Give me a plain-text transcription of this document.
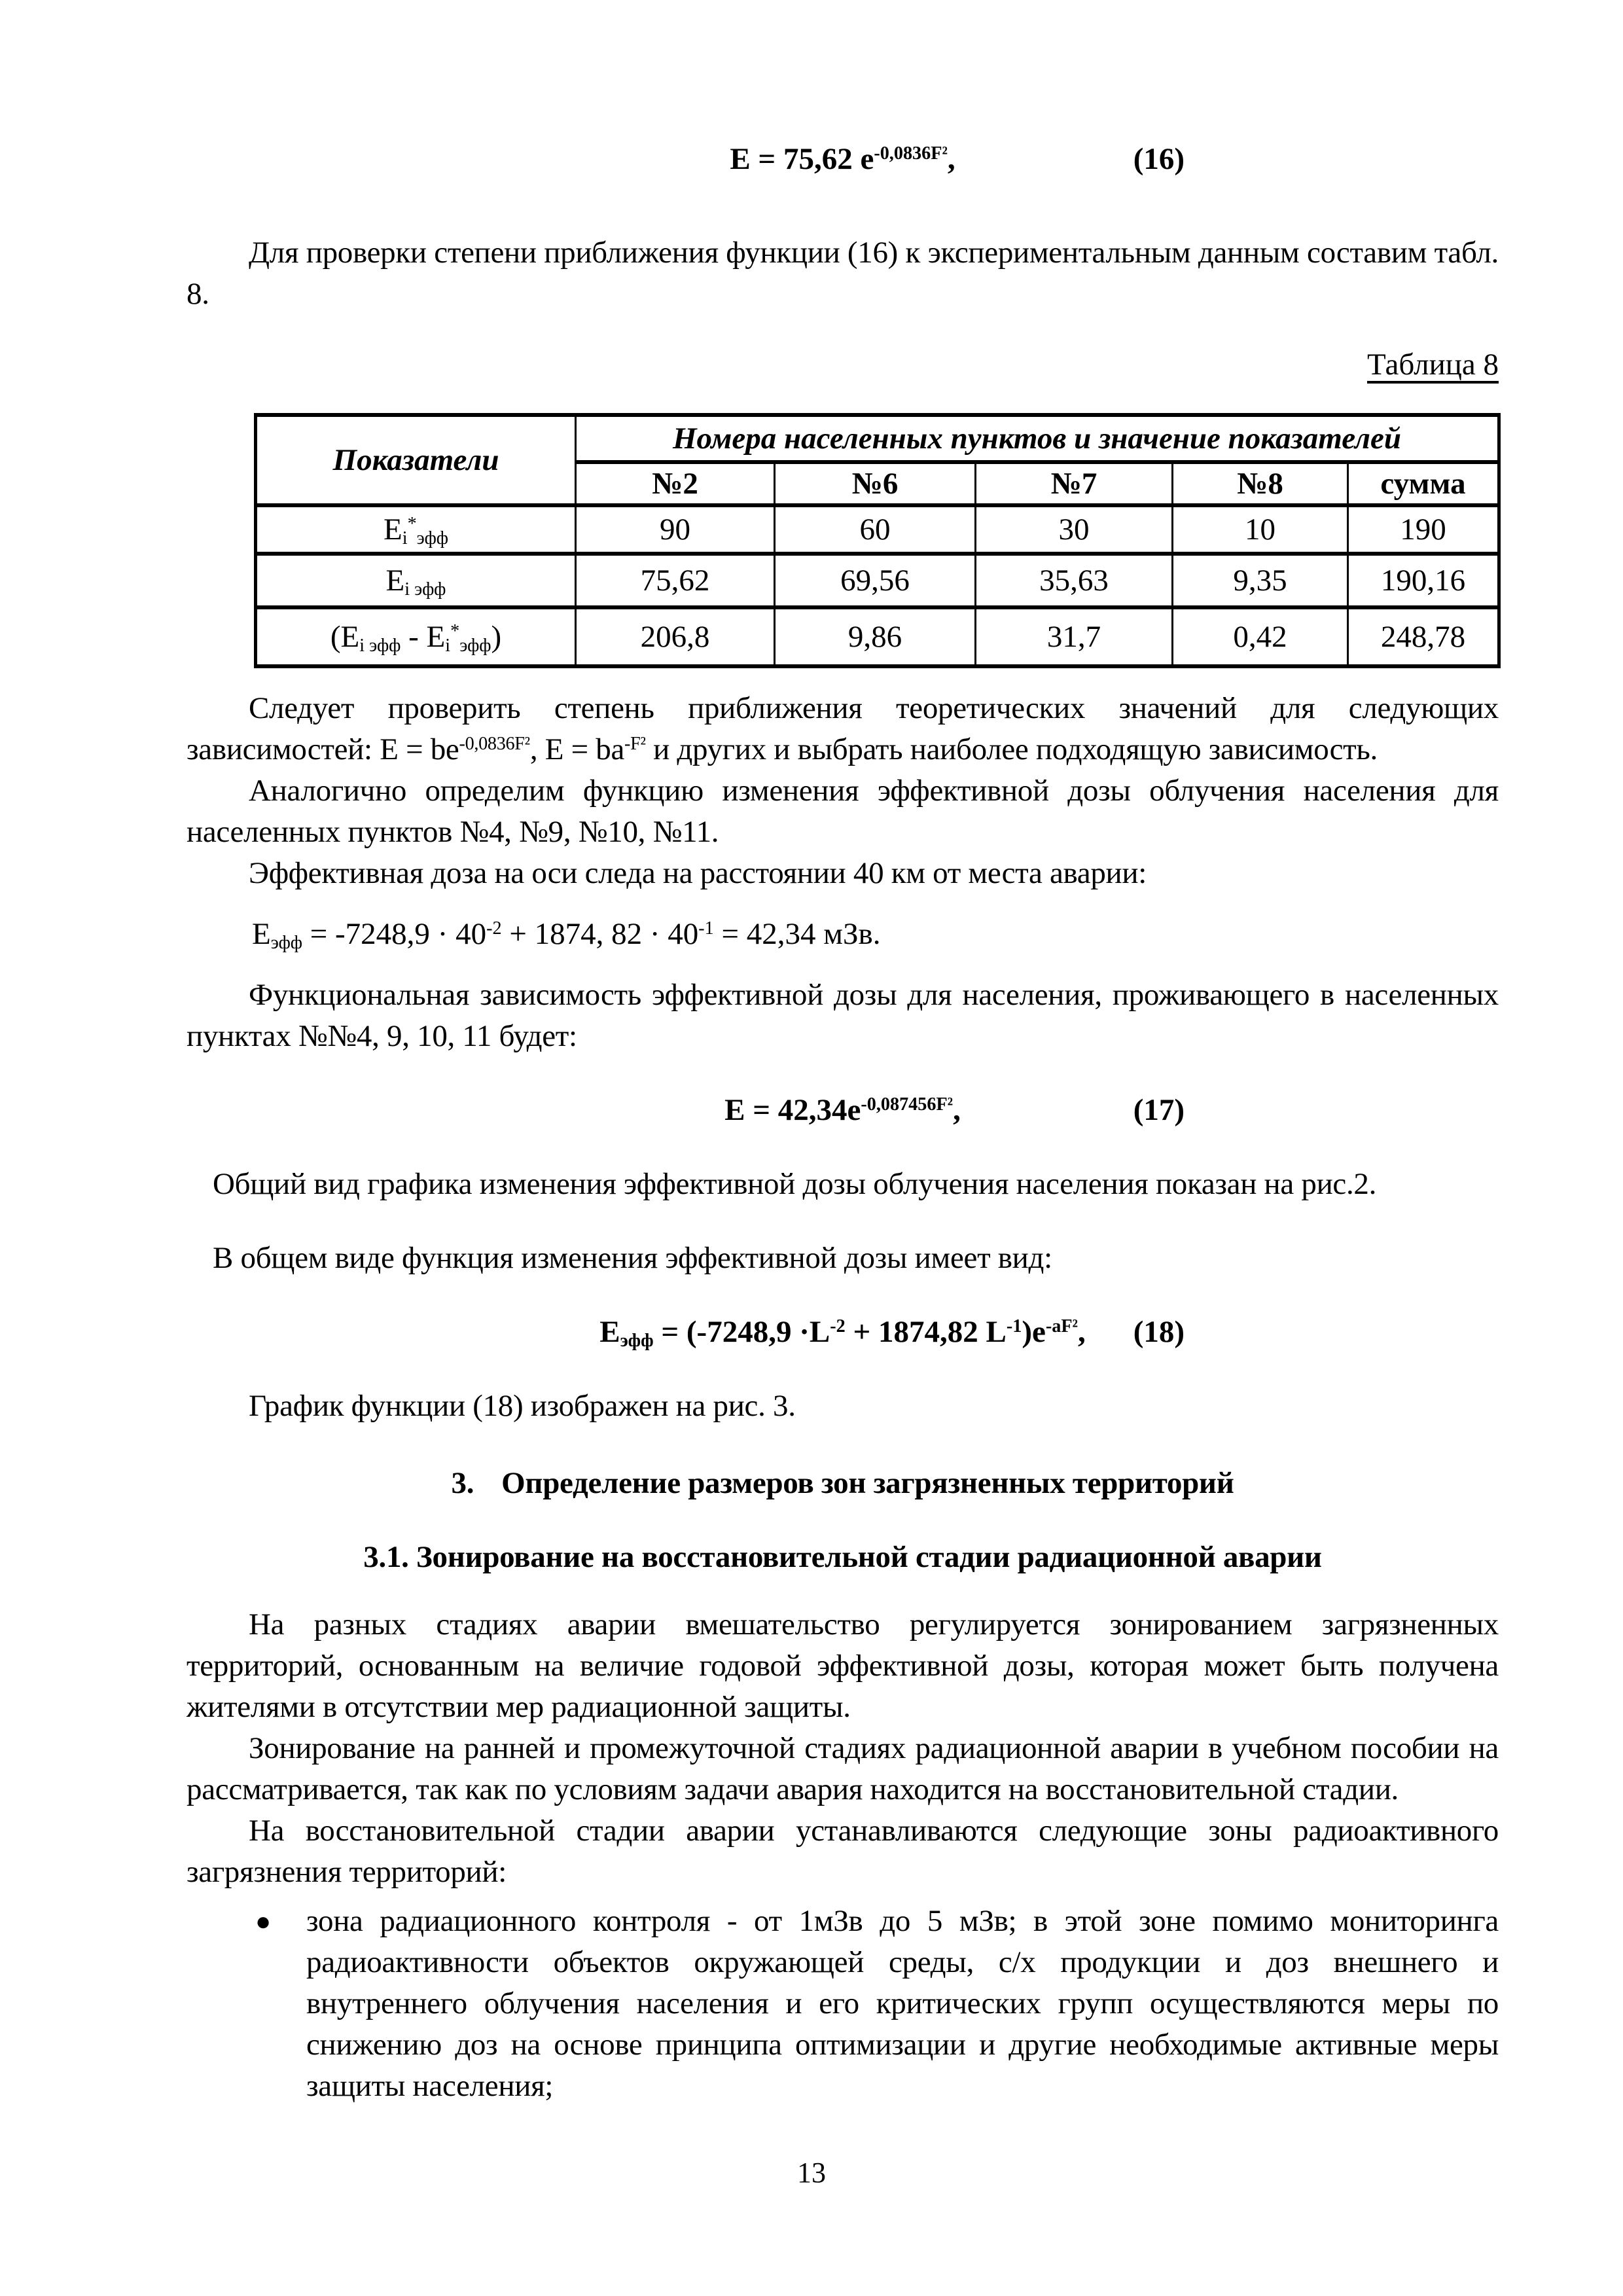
E = 75,62 $e^{-0,0836F^2}$,	(16)

Для проверки степени приближения функции (16) к экспериментальным данным составим табл. 8.

Таблица 8
Показатели	Номера населенных пунктов и значение показателей				
	№2	№6	№7	№8	сумма
$E_i^*_{эфф}$	90	60	30	10	190
$E_{i эфф}$	75,62	69,56	35,63	9,35	190,16
$(E_{i эфф} - E_i^*_{эфф})$	206,8	9,86	31,7	0,42	248,78

Следует проверить степень приближения теоретических значений для следующих зависимостей: $E = be^{-0,0836F^2}$, $E = ba^{-F^2}$ и других и выбрать наиболее подходящую зависимость.

Аналогично определим функцию изменения эффективной дозы облучения населения для населенных пунктов №4, №9, №10, №11.

Эффективная доза на оси следа на расстоянии 40 км от места аварии:

$E_{эфф} = -7248,9 \cdot 40^{-2} + 1874$, $82 \cdot 40^{-1} = 42,34$ мЗв.

Функциональная зависимость эффективной дозы для населения, проживающего в населенных пунктах №№4, 9, 10, 11 будет:

$E = 42,34e^{-0,087456F^2}$,	(17)

Общий вид графика изменения эффективной дозы облучения населения показан на рис.2.

В общем виде функция изменения эффективной дозы имеет вид:

$E_{эфф} = (-7248,9 \cdot L^{-2} + 1874,82$ $L^{-1})e^{-aF^2}$, (18)

График функции (18) изображен на рис. 3.

3. Определение размеров зон загрязненных территорий
3.1. Зонирование на восстановительной стадии радиационной аварии

На разных стадиях аварии вмешательство регулируется зонированием загрязненных территорий, основанным на величие годовой эффективной дозы, которая может быть получена жителями в отсутствии мер радиационной защиты.

Зонирование на ранней и промежуточной стадиях радиационной аварии в учебном пособии на рассматривается, так как по условиям задачи авария находится на восстановительной стадии.

На восстановительной стадии аварии устанавливаются следующие зоны радиоактивного загрязнения территорий:

●	зона радиационного контроля - от 1мЗв до 5 мЗв; в этой зоне помимо мониторинга радиоактивности объектов окружающей среды, с/х продукции и доз внешнего и внутреннего облучения населения и его критических групп осуществляются меры по снижению доз на основе принципа оптимизации и другие необходимые активные меры защиты населения;
13
